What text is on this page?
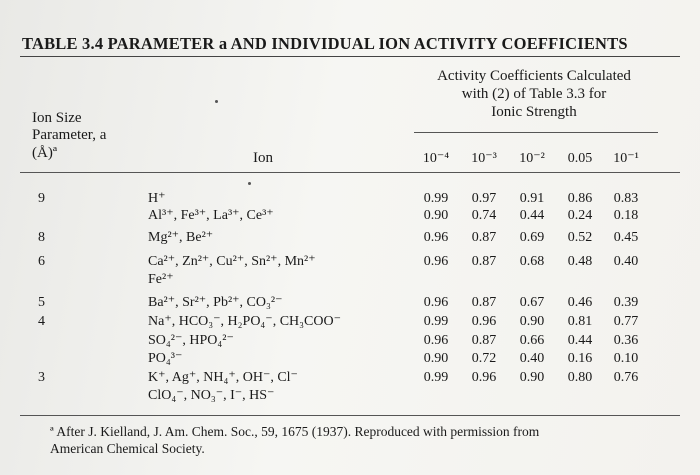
TABLE 3.4 PARAMETER a AND INDIVIDUAL ION ACTIVITY COEFFICIENTS
Ion Size
Parameter, a
(Å)ª	Ion
Activity Coefficients Calculated
with (2) of Table 3.3 for
Ionic Strength
10⁻⁴	10⁻³	10⁻²	0.05	10⁻¹
9	H⁺	0.99	0.97	0.91	0.86	0.83
Al³⁺, Fe³⁺, La³⁺, Ce³⁺	0.90	0.74	0.44	0.24	0.18
8	Mg²⁺, Be²⁺	0.96	0.87	0.69	0.52	0.45
6	Ca²⁺, Zn²⁺, Cu²⁺, Sn²⁺, Mn²⁺	0.96	0.87	0.68	0.48	0.40
Fe²⁺
5	Ba²⁺, Sr²⁺, Pb²⁺, CO₃²⁻	0.96	0.87	0.67	0.46	0.39
4	Na⁺, HCO₃⁻, H₂PO₄⁻, CH₃COO⁻	0.99	0.96	0.90	0.81	0.77
SO₄²⁻, HPO₄²⁻	0.96	0.87	0.66	0.44	0.36
PO₄³⁻	0.90	0.72	0.40	0.16	0.10
3	K⁺, Ag⁺, NH₄⁺, OH⁻, Cl⁻	0.99	0.96	0.90	0.80	0.76
ClO₄⁻, NO₃⁻, I⁻, HS⁻
ª After J. Kielland, J. Am. Chem. Soc., 59, 1675 (1937). Reproduced with permission from
American Chemical Society.
